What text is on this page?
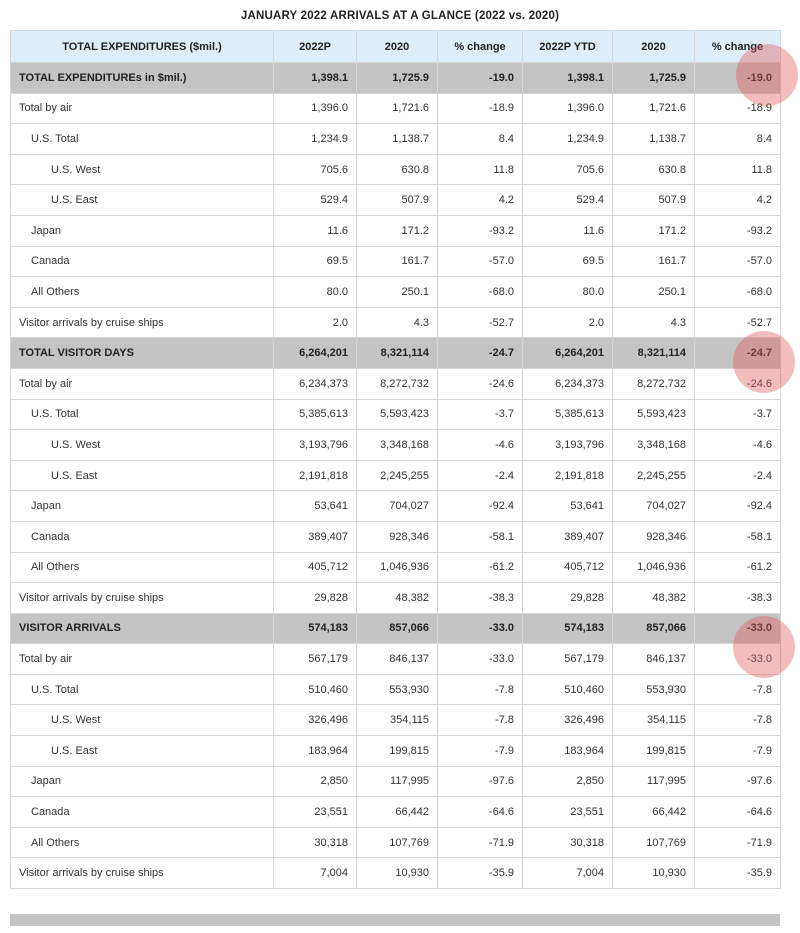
JANUARY 2022 ARRIVALS AT A GLANCE (2022 vs. 2020)
TOTAL EXPENDITURES ($mil.)	2022P	2020	% change	2022P YTD	2020	% change
TOTAL EXPENDITUREs in $mil.)	1,398.1	1,725.9	-19.0	1,398.1	1,725.9	-19.0
Total by air	1,396.0	1,721.6	-18.9	1,396.0	1,721.6	-18.9
U.S. Total	1,234.9	1,138.7	8.4	1,234.9	1,138.7	8.4
U.S. West	705.6	630.8	11.8	705.6	630.8	11.8
U.S. East	529.4	507.9	4.2	529.4	507.9	4.2
Japan	11.6	171.2	-93.2	11.6	171.2	-93.2
Canada	69.5	161.7	-57.0	69.5	161.7	-57.0
All Others	80.0	250.1	-68.0	80.0	250.1	-68.0
Visitor arrivals by cruise ships	2.0	4.3	-52.7	2.0	4.3	-52.7
TOTAL VISITOR DAYS	6,264,201	8,321,114	-24.7	6,264,201	8,321,114	-24.7
Total by air	6,234,373	8,272,732	-24.6	6,234,373	8,272,732	-24.6
U.S. Total	5,385,613	5,593,423	-3.7	5,385,613	5,593,423	-3.7
U.S. West	3,193,796	3,348,168	-4.6	3,193,796	3,348,168	-4.6
U.S. East	2,191,818	2,245,255	-2.4	2,191,818	2,245,255	-2.4
Japan	53,641	704,027	-92.4	53,641	704,027	-92.4
Canada	389,407	928,346	-58.1	389,407	928,346	-58.1
All Others	405,712	1,046,936	-61.2	405,712	1,046,936	-61.2
Visitor arrivals by cruise ships	29,828	48,382	-38.3	29,828	48,382	-38.3
VISITOR ARRIVALS	574,183	857,066	-33.0	574,183	857,066	-33.0
Total by air	567,179	846,137	-33.0	567,179	846,137	-33.0
U.S. Total	510,460	553,930	-7.8	510,460	553,930	-7.8
U.S. West	326,496	354,115	-7.8	326,496	354,115	-7.8
U.S. East	183,964	199,815	-7.9	183,964	199,815	-7.9
Japan	2,850	117,995	-97.6	2,850	117,995	-97.6
Canada	23,551	66,442	-64.6	23,551	66,442	-64.6
All Others	30,318	107,769	-71.9	30,318	107,769	-71.9
Visitor arrivals by cruise ships	7,004	10,930	-35.9	7,004	10,930	-35.9
